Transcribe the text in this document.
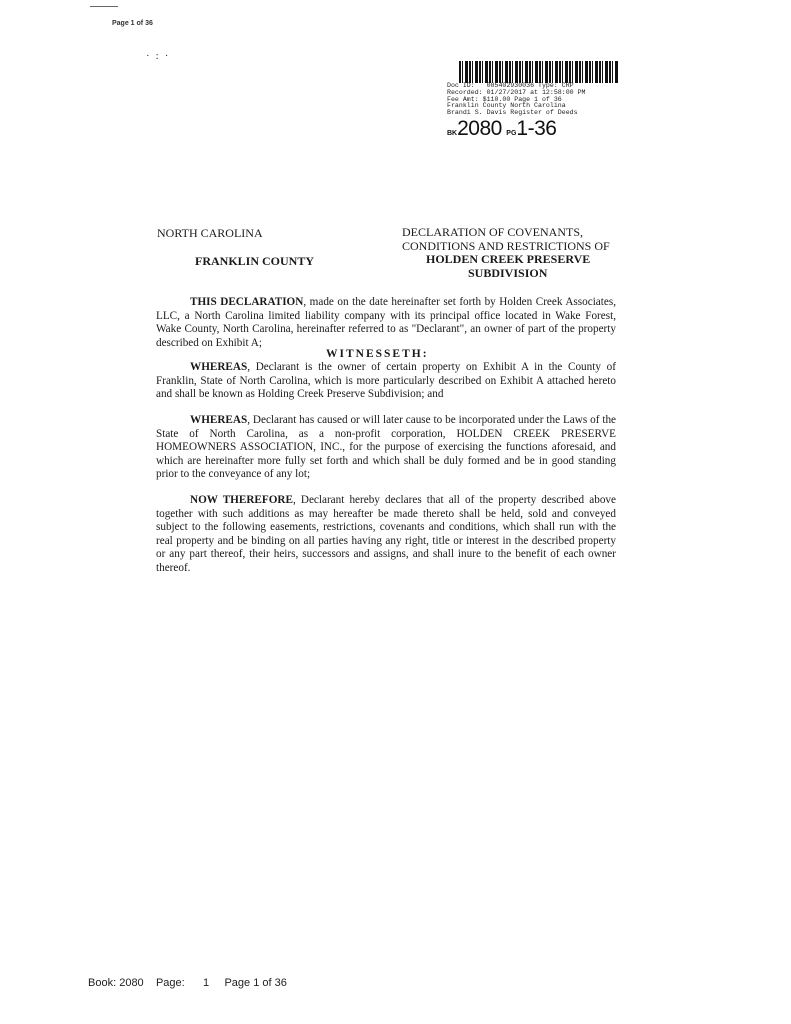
Page 1 of 36
·:·
Doc ID:   005402930036 Type: CRP
Recorded: 01/27/2017 at 12:58:00 PM
Fee Amt: $110.00 Page 1 of 36
Franklin County North Carolina
Brandi S. Davis Register of Deeds
BK2080 PG1-36
NORTH CAROLINA
FRANKLIN COUNTY
DECLARATION OF COVENANTS,
CONDITIONS AND RESTRICTIONS OF
HOLDEN CREEK PRESERVE
SUBDIVISION
THIS DECLARATION, made on the date hereinafter set forth by Holden Creek Associates, LLC, a North Carolina limited liability company with its principal office located in Wake Forest, Wake County, North Carolina, hereinafter referred to as "Declarant", an owner of part of the property described on Exhibit A;
WITNESSETH:
WHEREAS, Declarant is the owner of certain property on Exhibit A in the County of Franklin, State of North Carolina, which is more particularly described on Exhibit A attached hereto and shall be known as Holding Creek Preserve Subdivision; and
WHEREAS, Declarant has caused or will later cause to be incorporated under the Laws of the State of North Carolina, as a non-profit corporation, HOLDEN CREEK PRESERVE HOMEOWNERS ASSOCIATION, INC., for the purpose of exercising the functions aforesaid, and which are hereinafter more fully set forth and which shall be duly formed and be in good standing prior to the conveyance of any lot;
NOW THEREFORE, Declarant hereby declares that all of the property described above together with such additions as may hereafter be made thereto shall be held, sold and conveyed subject to the following easements, restrictions, covenants and conditions, which shall run with the real property and be binding on all parties having any right, title or interest in the described property or any part thereof, their heirs, successors and assigns, and shall inure to the benefit of each owner thereof.
Book: 2080 Page: 1 Page 1 of 36
